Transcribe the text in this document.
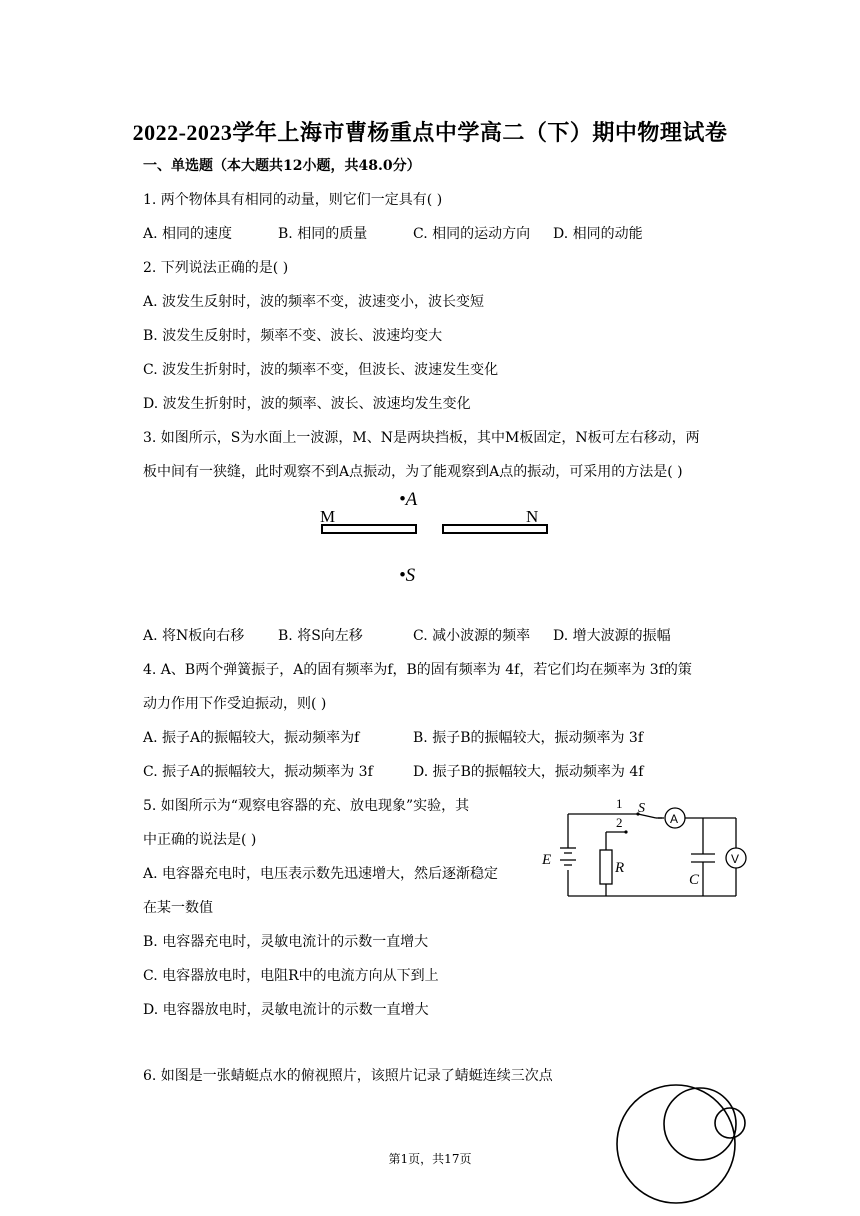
2022-2023学年上海市曹杨重点中学高二（下）期中物理试卷
一、单选题（本大题共12小题，共48.0分）
1. 两个物体具有相同的动量，则它们一定具有( )
A. 相同的速度	B. 相同的质量	C. 相同的运动方向 D. 相同的动能
2. 下列说法正确的是( )
A. 波发生反射时，波的频率不变，波速变小，波长变短
B. 波发生反射时，频率不变、波长、波速均变大
C. 波发生折射时，波的频率不变，但波长、波速发生变化
D. 波发生折射时，波的频率、波长、波速均发生变化
3. 如图所示，S为水面上一波源，M、N是两块挡板，其中M板固定，N板可左右移动，两
板中间有一狭缝，此时观察不到A点振动，为了能观察到A点的振动，可采用的方法是( )
M	N
•A
•S
A. 将N板向右移 B. 将S向左移	C. 减小波源的频率 D. 增大波源的振幅
4. A、B两个弹簧振子，A的固有频率为f，B的固有频率为 4f，若它们均在频率为 3f的策
动力作用下作受迫振动，则( )
A. 振子A的振幅较大，振动频率为f	B. 振子B的振幅较大，振动频率为 3f
C. 振子A的振幅较大，振动频率为 3f	D. 振子B的振幅较大，振动频率为 4f
5. 如图所示为“观察电容器的充、放电现象”实验，其
中正确的说法是( )
A. 电容器充电时，电压表示数先迅速增大，然后逐渐稳定
在某一数值
B. 电容器充电时，灵敏电流计的示数一直增大
C. 电容器放电时，电阻R中的电流方向从下到上
D. 电容器放电时，灵敏电流计的示数一直增大
1
2
S
A
V
E	R
C
6. 如图是一张蜻蜓点水的俯视照片，该照片记录了蜻蜓连续三次点
第1页，共17页
